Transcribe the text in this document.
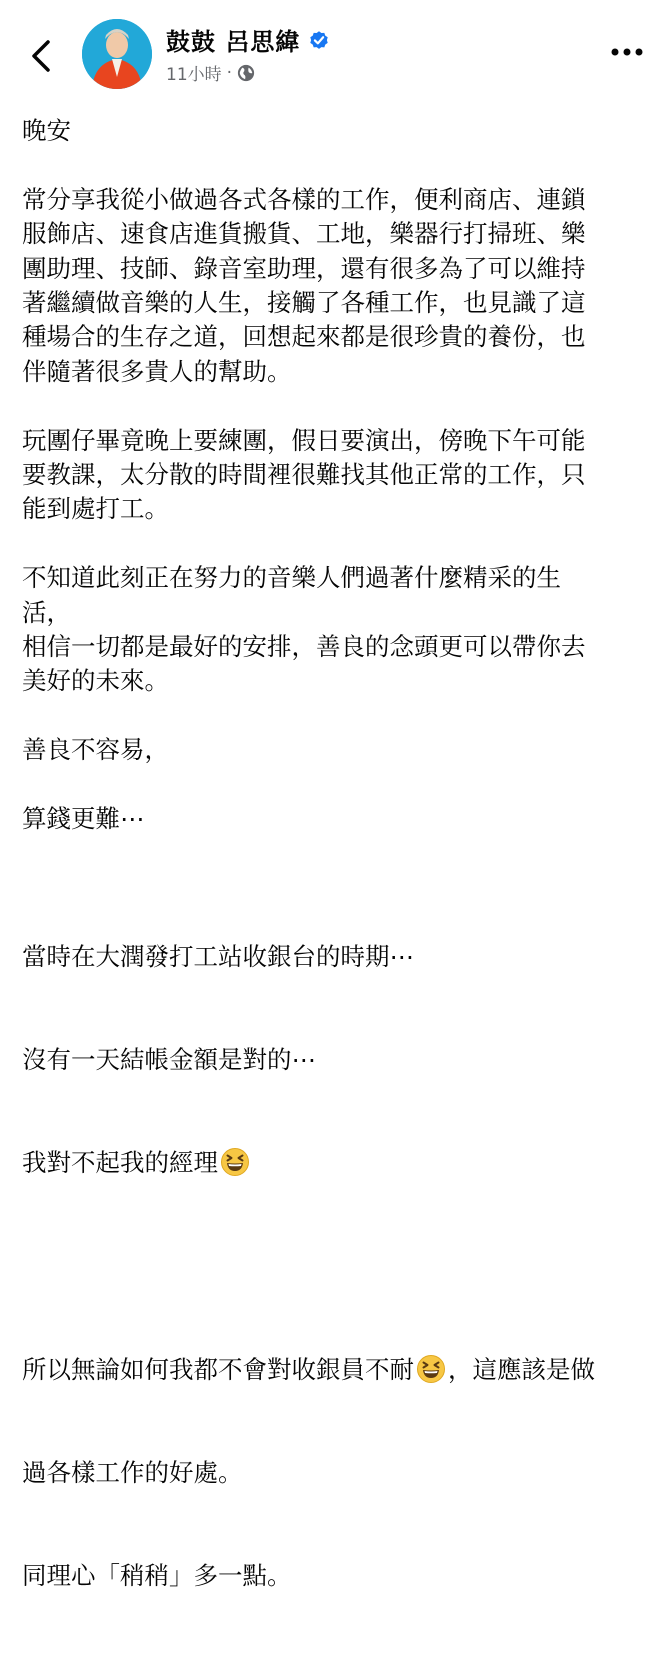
鼓鼓 呂思緯
11小時 ·

晚安

常分享我從小做過各式各樣的工作，便利商店、連鎖
服飾店、速食店進貨搬貨、工地，樂器行打掃班、樂
團助理、技師、錄音室助理，還有很多為了可以維持
著繼續做音樂的人生，接觸了各種工作，也見識了這
種場合的生存之道，回想起來都是很珍貴的養份，也
伴隨著很多貴人的幫助。

玩團仔畢竟晚上要練團，假日要演出，傍晚下午可能
要教課，太分散的時間裡很難找其他正常的工作，只
能到處打工。

不知道此刻正在努力的音樂人們過著什麼精采的生
活，
相信一切都是最好的安排，善良的念頭更可以帶你去
美好的未來。

善良不容易，

算錢更難⋯

當時在大潤發打工站收銀台的時期⋯

沒有一天結帳金額是對的⋯

我對不起我的經理

所以無論如何我都不會對收銀員不耐 ，這應該是做

過各樣工作的好處。

同理心「稍稍」多一點。
